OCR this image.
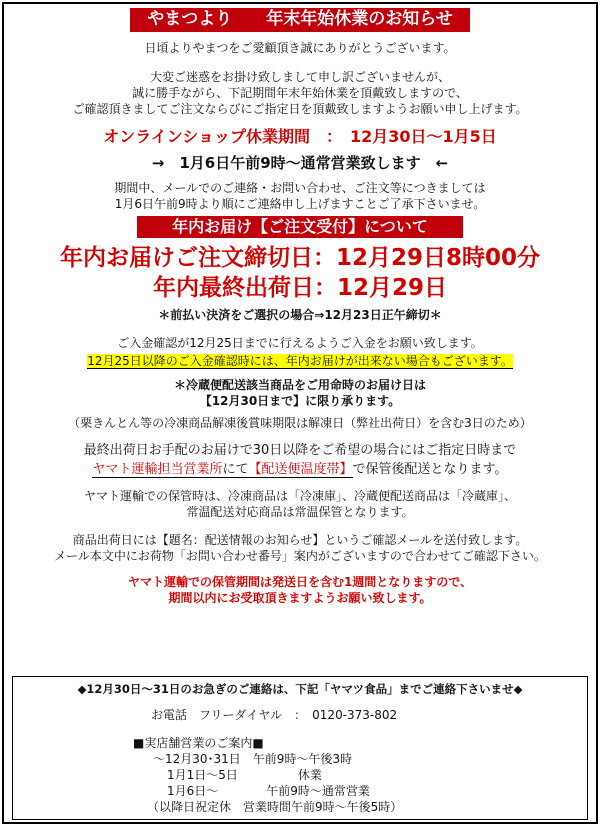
やまつより　　年末年始休業のお知らせ

日頃よりやまつをご愛顧頂き誠にありがとうございます。

大変ご迷惑をお掛け致しまして申し訳ございませんが、

誠に勝手ながら、下記期間年末年始休業を頂戴致しますので、

ご確認頂きましてご注文ならびにご指定日を頂戴致しますようお願い申し上げます。

オンラインショップ休業期間　：　12月30日～1月5日
→　1月6日午前9時～通常営業致します　←

期間中、メールでのご連絡・お問い合わせ、ご注文等につきましては

1月6日午前9時より順にご連絡申し上げますことご了承下さいませ。

年内お届け【ご注文受付】について
年内お届けご注文締切日：12月29日8時00分
年内最終出荷日：12月29日
＊前払い決済をご選択の場合⇒12月23日正午締切＊

ご入金確認が12月25日までに行えるようご入金をお願い致します。

12月25日以降のご入金確認時には、年内お届けが出来ない場合もございます。

＊冷蔵便配送該当商品をご用命時のお届け日は

【12月30日まで】に限り承ります。

（栗きんとん等の冷凍商品解凍後賞味期限は解凍日（弊社出荷日）を含む3日のため）

最終出荷日お手配のお届けで30日以降をご希望の場合にはご指定日時まで

ヤマト運輸担当営業所にて【配送便温度帯】で保管後配送となります。

ヤマト運輸での保管時は、冷凍商品は「冷凍庫」、冷蔵便配送商品は「冷蔵庫」、

常温配送対応商品は常温保管となります。

商品出荷日には【題名：配送情報のお知らせ】というご確認メールを送付致します。

メール本文中にお荷物「お問い合わせ番号」案内がございますので合わせてご確認下さい。

ヤマト運輸での保管期間は発送日を含む1週間となりますので、

期間以内にお受取頂きますようお願い致します。

◆12月30日～31日のお急ぎのご連絡は、下記「ヤマツ食品」までご連絡下さいませ◆

お電話　フリーダイヤル　：　0120-373-802

■実店舗営業のご案内■

～12月30･31日　午前9時～午後3時

1月1日～5日　　　　　休業

1月6日～　　　　午前9時～通常営業

（以降日祝定休　営業時間午前9時～午後5時）
